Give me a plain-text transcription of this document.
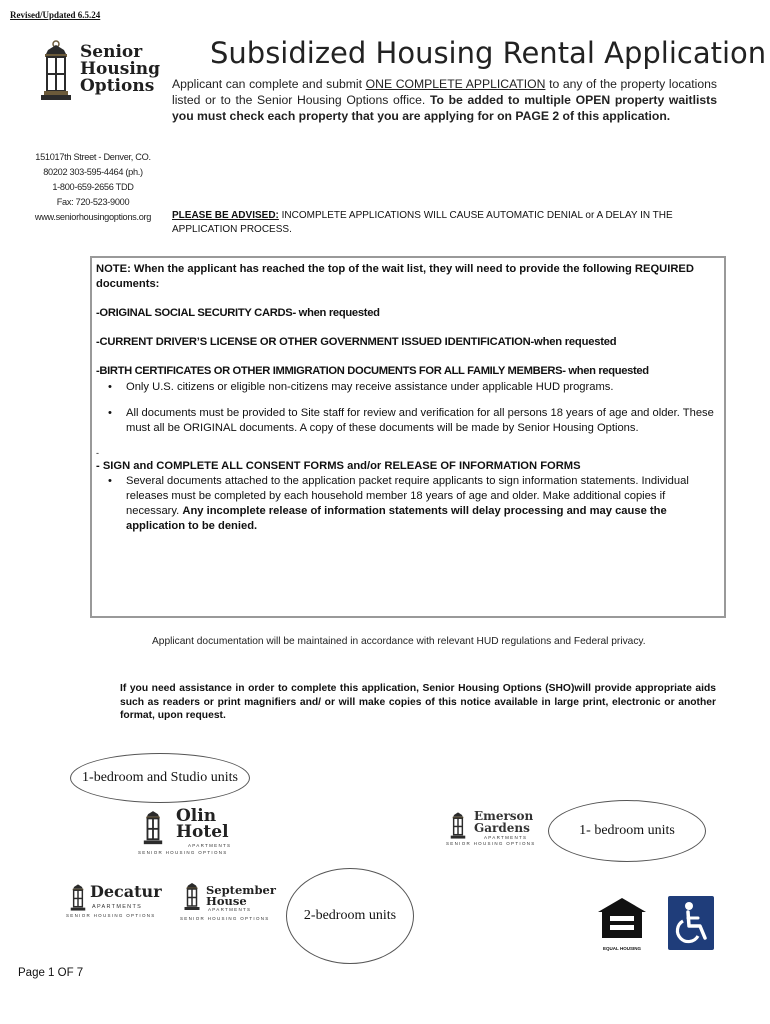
Revised/Updated 6.5.24
Senior
Housing
Options
Subsidized Housing Rental Application
Applicant can complete and submit ONE COMPLETE APPLICATION to any of the property locations listed or to the Senior Housing Options office. To be added to multiple OPEN property waitlists you must check each property that you are applying for on PAGE 2 of this application.
151017th Street - Denver, CO.
80202 303-595-4464 (ph.)
1-800-659-2656 TDD
Fax: 720-523-9000
www.seniorhousingoptions.org	PLEASE BE ADVISED: INCOMPLETE APPLICATIONS WILL CAUSE AUTOMATIC DENIAL or A DELAY IN THE APPLICATION PROCESS.

NOTE: When the applicant has reached the top of the wait list, they will need to provide the following REQUIRED documents:

-ORIGINAL SOCIAL SECURITY CARDS- when requested

-CURRENT DRIVER’S LICENSE OR OTHER GOVERNMENT ISSUED IDENTIFICATION-when requested

-BIRTH CERTIFICATES OR OTHER IMMIGRATION DOCUMENTS FOR ALL FAMILY MEMBERS- when requested

• Only U.S. citizens or eligible non-citizens may receive assistance under applicable HUD programs.
• All documents must be provided to Site staff for review and verification for all persons 18 years of age and older. These must all be ORIGINAL documents. A copy of these documents will be made by Senior Housing Options.

-

- SIGN and COMPLETE ALL CONSENT FORMS and/or RELEASE OF INFORMATION FORMS

• Several documents attached to the application packet require applicants to sign information statements. Individual releases must be completed by each household member 18 years of age and older. Make additional copies if necessary. Any incomplete release of information statements will delay processing and may cause the application to be denied.
Applicant documentation will be maintained in accordance with relevant HUD regulations and Federal privacy.
If you need assistance in order to complete this application, Senior Housing Options (SHO)will provide appropriate aids such as readers or print magnifiers and/ or will make copies of this notice available in large print, electronic or another format, upon request.
1-bedroom and Studio units
1- bedroom units
2-bedroom units
Olin
Hotel
APARTMENTS
SENIOR HOUSING OPTIONS
Emerson
Gardens
APARTMENTS
SENIOR HOUSING OPTIONS
Decatur
APARTMENTS
SENIOR HOUSING OPTIONS
September
House
APARTMENTS
SENIOR HOUSING OPTIONS
EQUAL HOUSING
Page 1 OF 7
